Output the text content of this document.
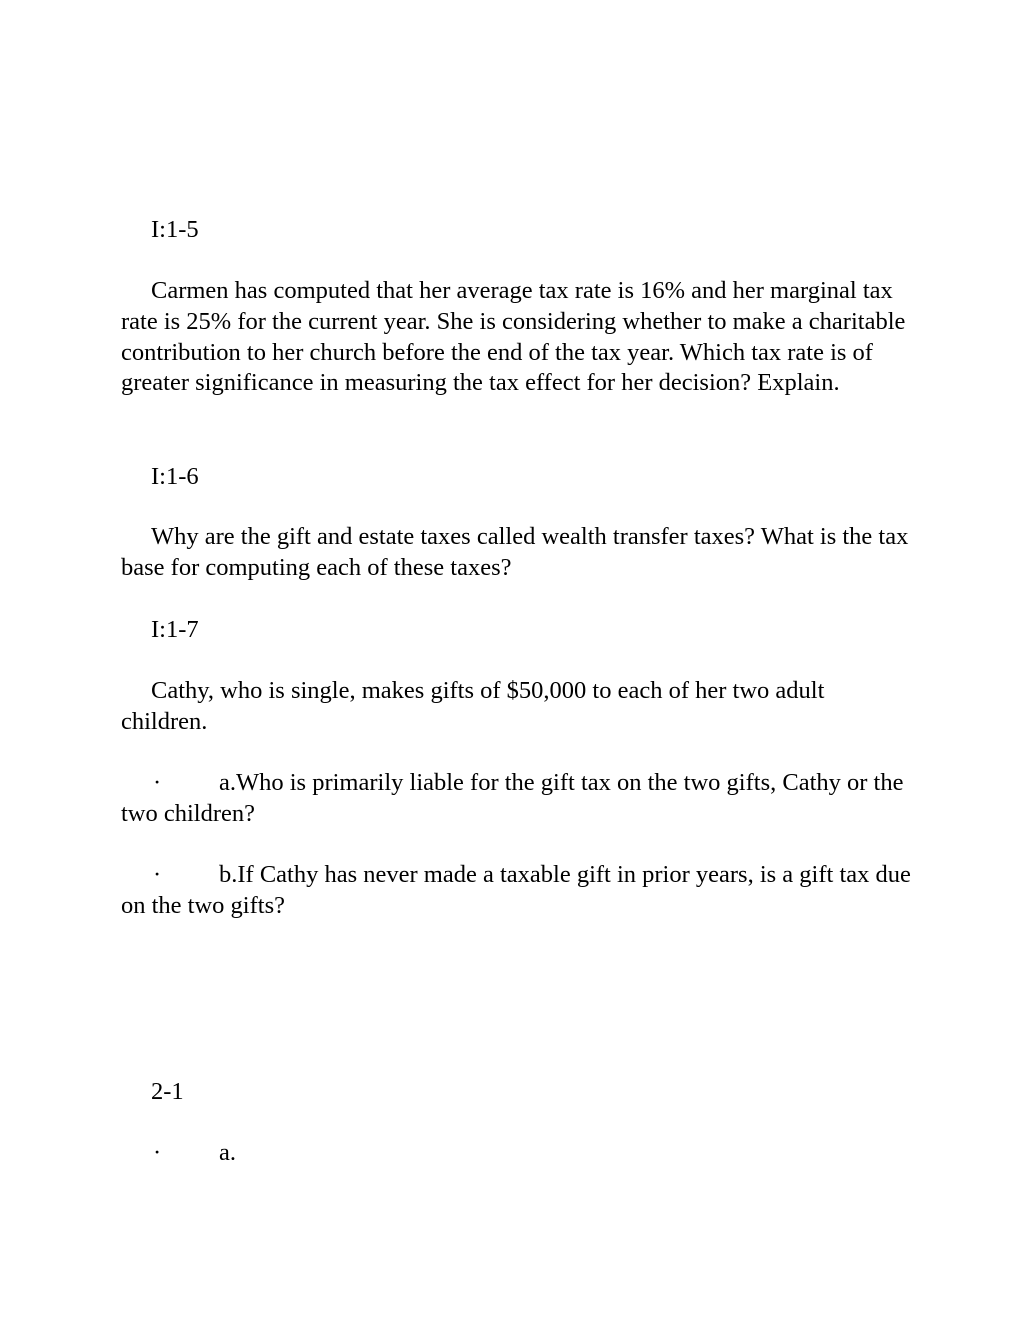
I:1-5

Carmen has computed that her average tax rate is 16% and her marginal tax rate is 25% for the current year. She is considering whether to make a charitable contribution to her church before the end of the tax year. Which tax rate is of greater significance in measuring the tax effect for her decision? Explain.

I:1-6

Why are the gift and estate taxes called wealth transfer taxes? What is the tax base for computing each of these taxes?

I:1-7

Cathy, who is single, makes gifts of $50,000 to each of her two adult children.

· a.Who is primarily liable for the gift tax on the two gifts, Cathy or the two children?

· b.If Cathy has never made a taxable gift in prior years, is a gift tax due on the two gifts?

2-1

· a.
